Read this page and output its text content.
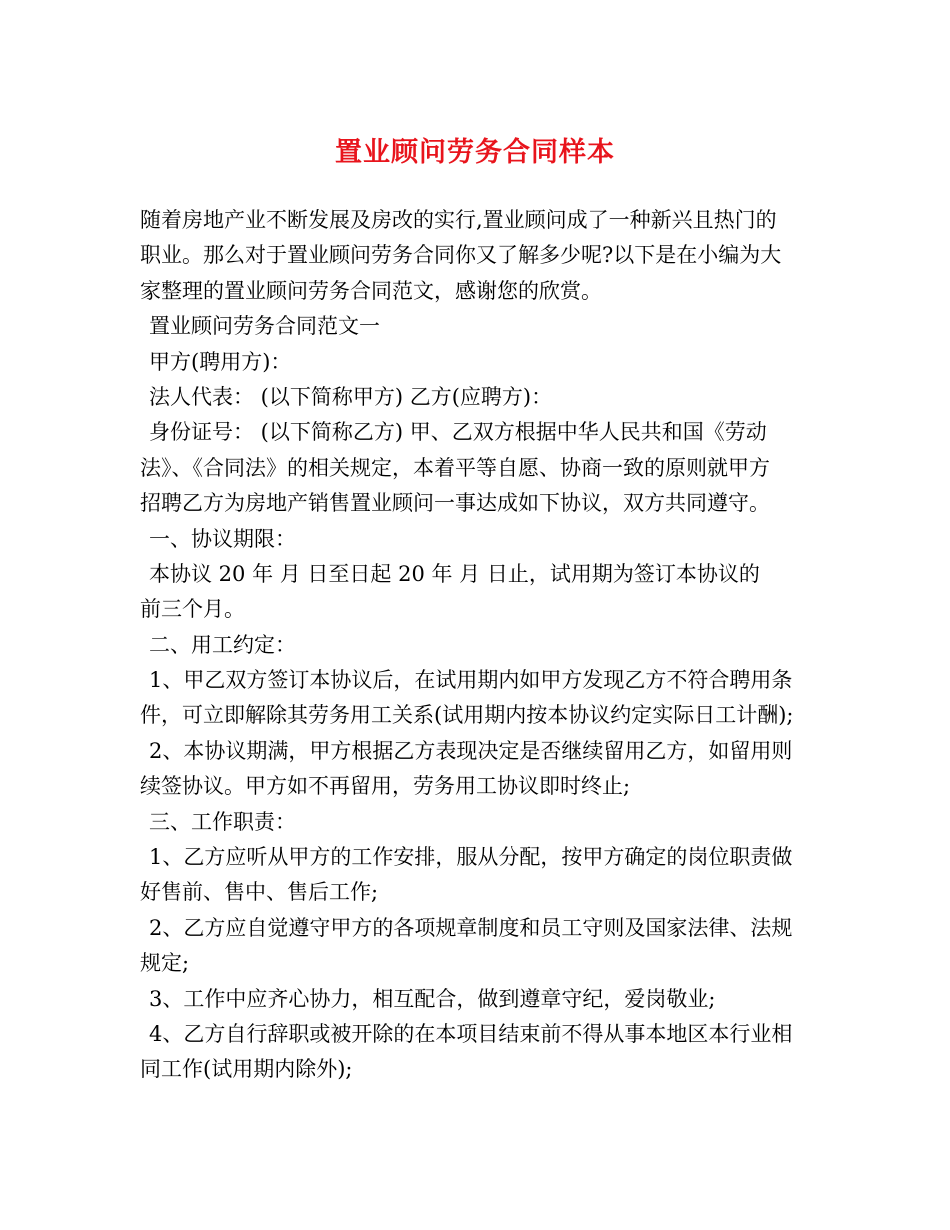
置业顾问劳务合同样本
随着房地产业不断发展及房改的实行,置业顾问成了一种新兴且热门的
职业。那么对于置业顾问劳务合同你又了解多少呢?以下是在小编为大
家整理的置业顾问劳务合同范文，感谢您的欣赏。
置业顾问劳务合同范文一
甲方(聘用方)：
法人代表： (以下简称甲方) 乙方(应聘方)：
身份证号： (以下简称乙方) 甲、乙双方根据中华人民共和国《劳动
法》、《合同法》的相关规定，本着平等自愿、协商一致的原则就甲方
招聘乙方为房地产销售置业顾问一事达成如下协议，双方共同遵守。
一、协议期限：
本协议 20 年 月 日至日起 20 年 月 日止，试用期为签订本协议的
前三个月。
二、用工约定：
1、甲乙双方签订本协议后，在试用期内如甲方发现乙方不符合聘用条
件，可立即解除其劳务用工关系(试用期内按本协议约定实际日工计酬);
2、本协议期满，甲方根据乙方表现决定是否继续留用乙方，如留用则
续签协议。甲方如不再留用，劳务用工协议即时终止;
三、工作职责：
1、乙方应听从甲方的工作安排，服从分配，按甲方确定的岗位职责做
好售前、售中、售后工作;
2、乙方应自觉遵守甲方的各项规章制度和员工守则及国家法律、法规
规定;
3、工作中应齐心协力，相互配合，做到遵章守纪，爱岗敬业;
4、乙方自行辞职或被开除的在本项目结束前不得从事本地区本行业相
同工作(试用期内除外);
